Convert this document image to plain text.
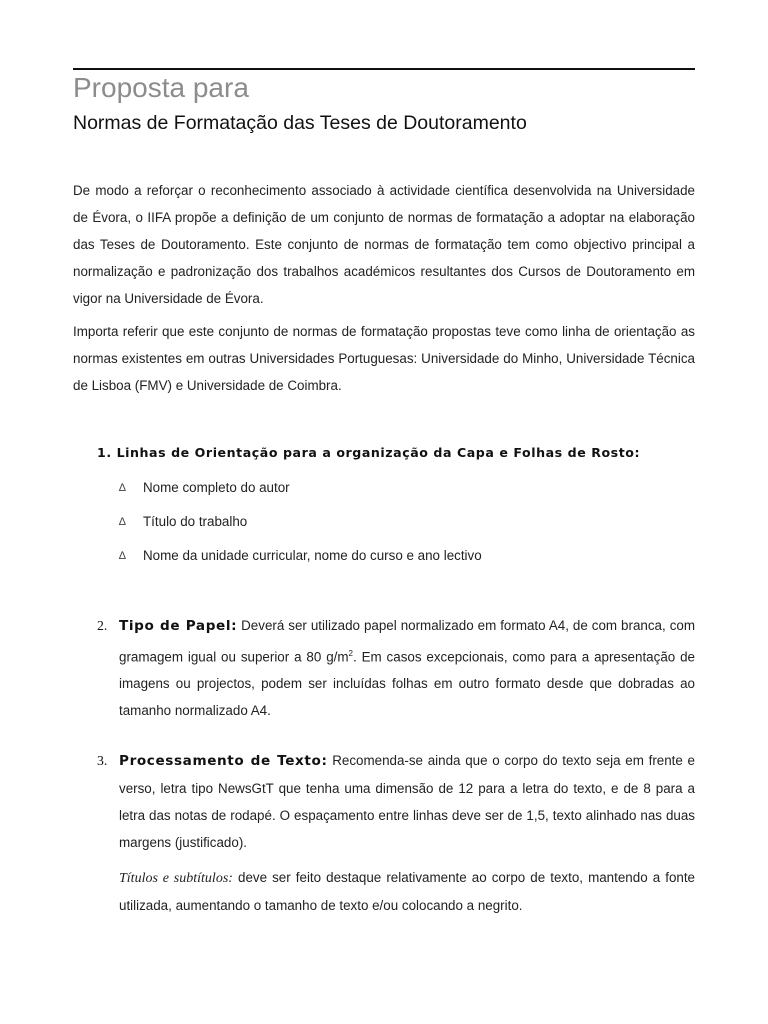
Proposta para
Normas de Formatação das Teses de Doutoramento

De modo a reforçar o reconhecimento associado à actividade científica desenvolvida na Universidade de Évora, o IIFA propõe a definição de um conjunto de normas de formatação a adoptar na elaboração das Teses de Doutoramento. Este conjunto de normas de formatação tem como objectivo principal a normalização e padronização dos trabalhos académicos resultantes dos Cursos de Doutoramento em vigor na Universidade de Évora.

Importa referir que este conjunto de normas de formatação propostas teve como linha de orientação as normas existentes em outras Universidades Portuguesas: Universidade do Minho, Universidade Técnica de Lisboa (FMV) e Universidade de Coimbra.

1. Linhas de Orientação para a organização da Capa e Folhas de Rosto:
∆	Nome completo do autor
∆	Título do trabalho
∆	Nome da unidade curricular, nome do curso e ano lectivo
2. Tipo de Papel: Deverá ser utilizado papel normalizado em formato A4, de com branca, com gramagem igual ou superior a 80 $g/m^2$. Em casos excepcionais, como para a apresentação de imagens ou projectos, podem ser incluídas folhas em outro formato desde que dobradas ao tamanho normalizado A4.

3. Processamento de Texto: Recomenda-se ainda que o corpo do texto seja em frente e verso, letra tipo NewsGtT que tenha uma dimensão de 12 para a letra do texto, e de 8 para a letra das notas de rodapé. O espaçamento entre linhas deve ser de 1,5, texto alinhado nas duas margens (justificado).

Títulos e subtítulos: deve ser feito destaque relativamente ao corpo de texto, mantendo a fonte utilizada, aumentando o tamanho de texto e/ou colocando a negrito.
